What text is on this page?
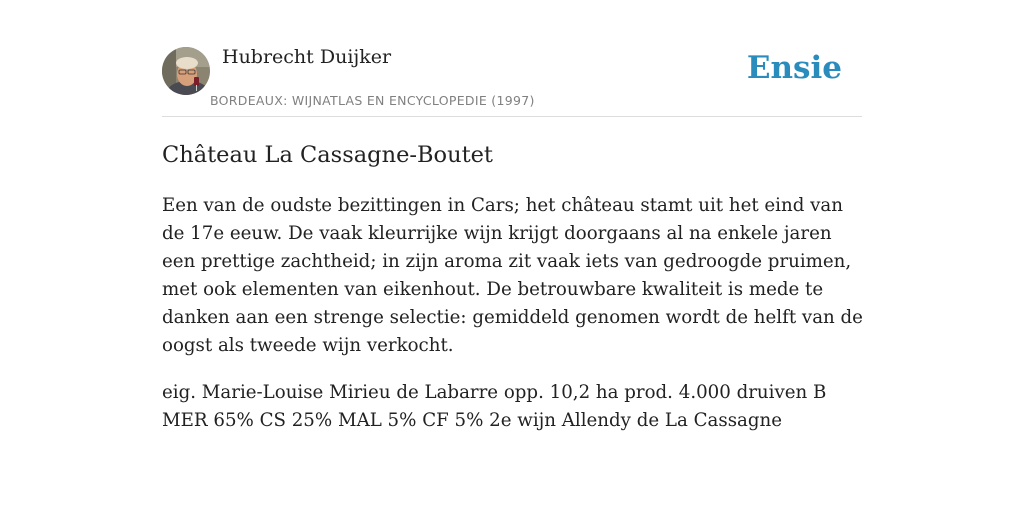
Hubrecht Duijker
BORDEAUX: WIJNATLAS EN ENCYCLOPEDIE (1997)
Ensie
Château La Cassagne-Boutet

Een van de oudste bezittingen in Cars; het château stamt uit het eind van de 17e eeuw. De vaak kleurrijke wijn krijgt doorgaans al na enkele jaren een prettige zachtheid; in zijn aroma zit vaak iets van gedroogde pruimen, met ook elementen van eikenhout. De betrouwbare kwaliteit is mede te danken aan een strenge selectie: gemiddeld genomen wordt de helft van de oogst als tweede wijn verkocht.

eig. Marie-Louise Mirieu de Labarre opp. 10,2 ha prod. 4.000 druiven B MER 65% CS 25% MAL 5% CF 5% 2e wijn Allendy de La Cassagne
